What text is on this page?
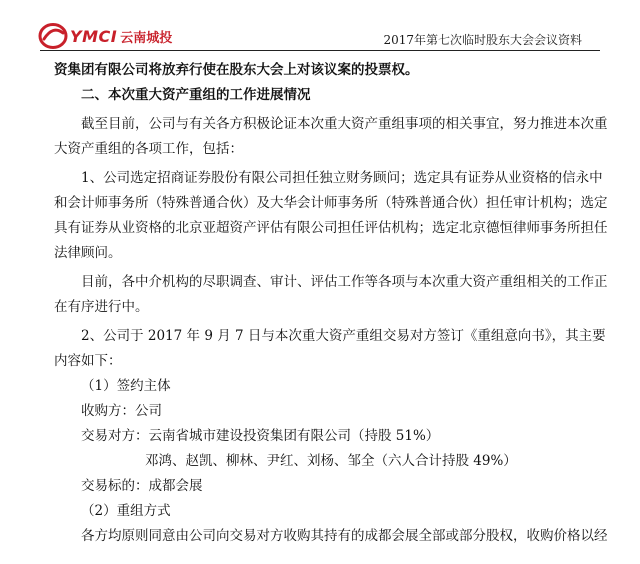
YMCI 云南城投	2017年第七次临时股东大会会议资料

资集团有限公司将放弃行使在股东大会上对该议案的投票权。

二、本次重大资产重组的工作进展情况

截至目前，公司与有关各方积极论证本次重大资产重组事项的相关事宜，努力推进本次重大资产重组的各项工作，包括：

1、公司选定招商证券股份有限公司担任独立财务顾问；选定具有证券从业资格的信永中和会计师事务所（特殊普通合伙）及大华会计师事务所（特殊普通合伙）担任审计机构；选定具有证券从业资格的北京亚超资产评估有限公司担任评估机构；选定北京德恒律师事务所担任法律顾问。

目前，各中介机构的尽职调查、审计、评估工作等各项与本次重大资产重组相关的工作正在有序进行中。

2、公司于 2017 年 9 月 7 日与本次重大资产重组交易对方签订《重组意向书》，其主要内容如下：

（1）签约主体

收购方：公司

交易对方：云南省城市建设投资集团有限公司（持股 51%）

邓鸿、赵凯、柳林、尹红、刘杨、邹全（六人合计持股 49%）

交易标的：成都会展

（2）重组方式

各方均原则同意由公司向交易对方收购其持有的成都会展全部或部分股权，收购价格以经
